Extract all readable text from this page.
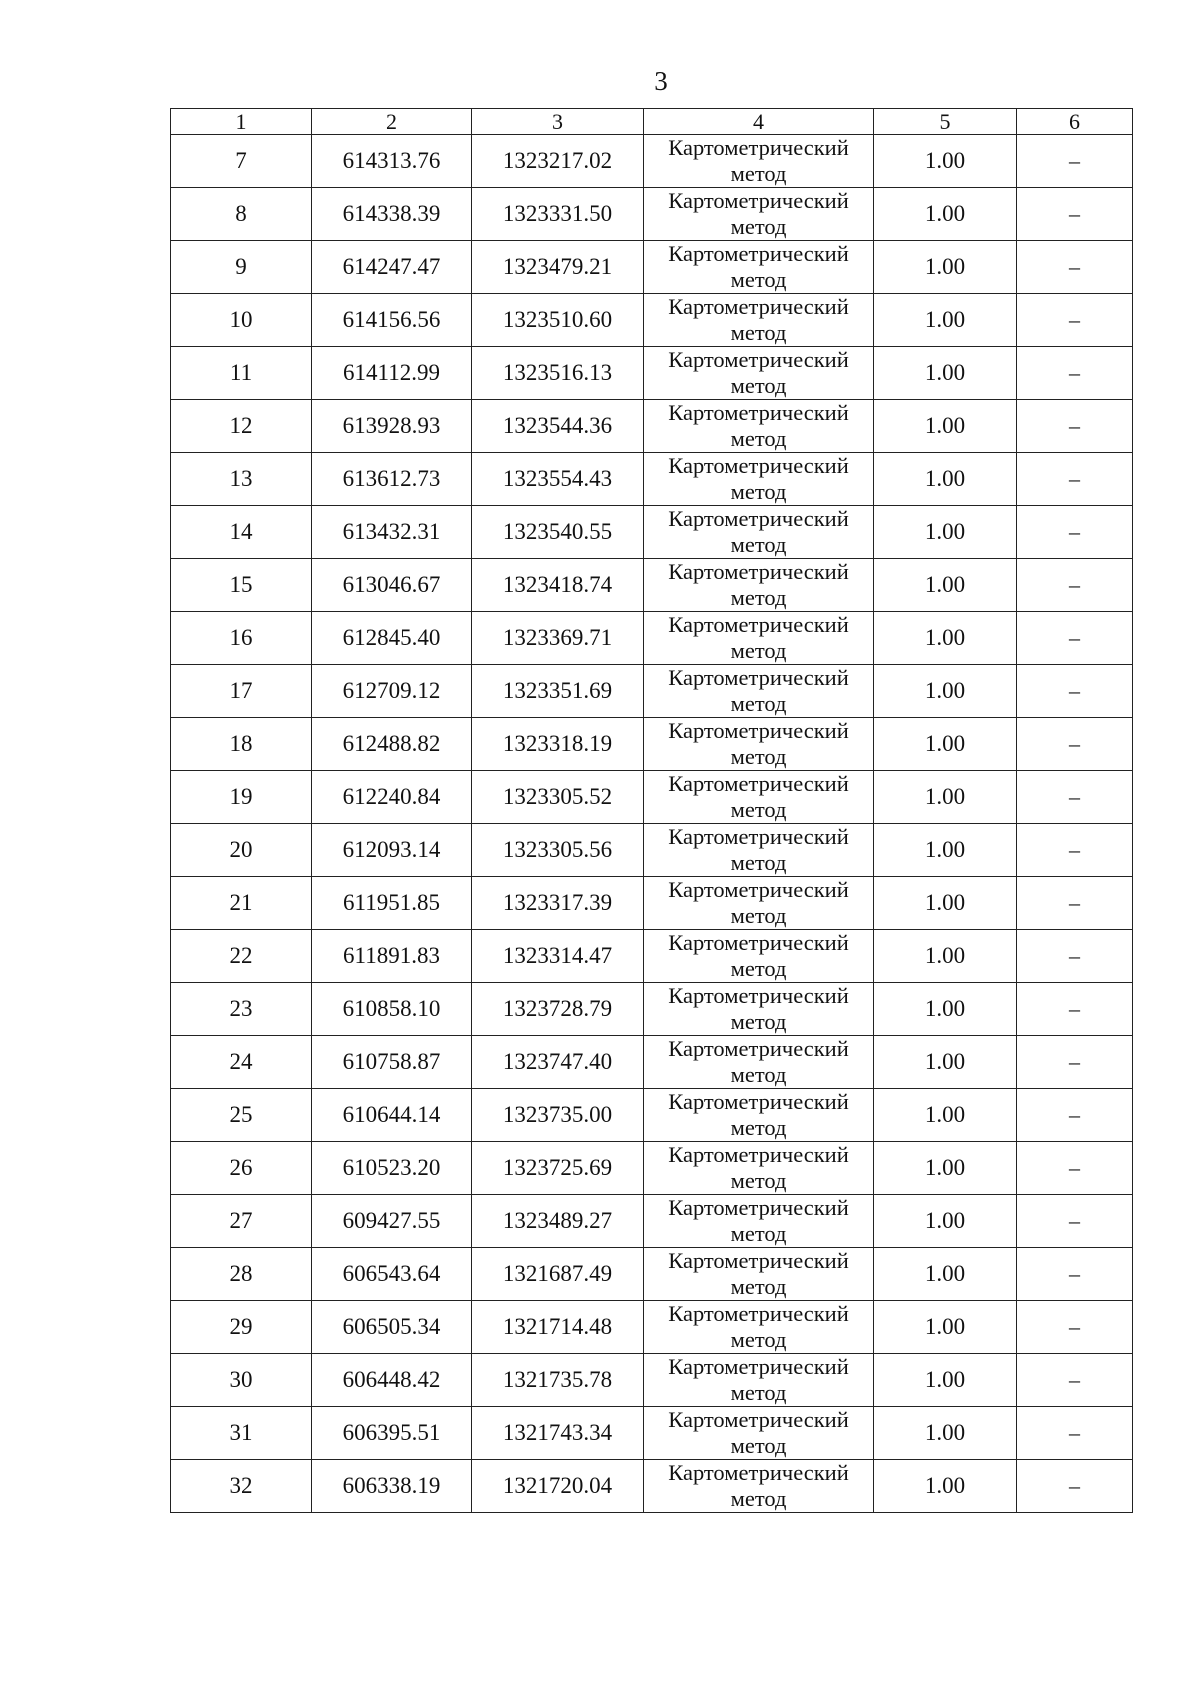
3
1	2	3	4	5	6
7	614313.76	1323217.02	Картометрический метод	1.00	–
8	614338.39	1323331.50	Картометрический метод	1.00	–
9	614247.47	1323479.21	Картометрический метод	1.00	–
10	614156.56	1323510.60	Картометрический метод	1.00	–
11	614112.99	1323516.13	Картометрический метод	1.00	–
12	613928.93	1323544.36	Картометрический метод	1.00	–
13	613612.73	1323554.43	Картометрический метод	1.00	–
14	613432.31	1323540.55	Картометрический метод	1.00	–
15	613046.67	1323418.74	Картометрический метод	1.00	–
16	612845.40	1323369.71	Картометрический метод	1.00	–
17	612709.12	1323351.69	Картометрический метод	1.00	–
18	612488.82	1323318.19	Картометрический метод	1.00	–
19	612240.84	1323305.52	Картометрический метод	1.00	–
20	612093.14	1323305.56	Картометрический метод	1.00	–
21	611951.85	1323317.39	Картометрический метод	1.00	–
22	611891.83	1323314.47	Картометрический метод	1.00	–
23	610858.10	1323728.79	Картометрический метод	1.00	–
24	610758.87	1323747.40	Картометрический метод	1.00	–
25	610644.14	1323735.00	Картометрический метод	1.00	–
26	610523.20	1323725.69	Картометрический метод	1.00	–
27	609427.55	1323489.27	Картометрический метод	1.00	–
28	606543.64	1321687.49	Картометрический метод	1.00	–
29	606505.34	1321714.48	Картометрический метод	1.00	–
30	606448.42	1321735.78	Картометрический метод	1.00	–
31	606395.51	1321743.34	Картометрический метод	1.00	–
32	606338.19	1321720.04	Картометрический метод	1.00	–
